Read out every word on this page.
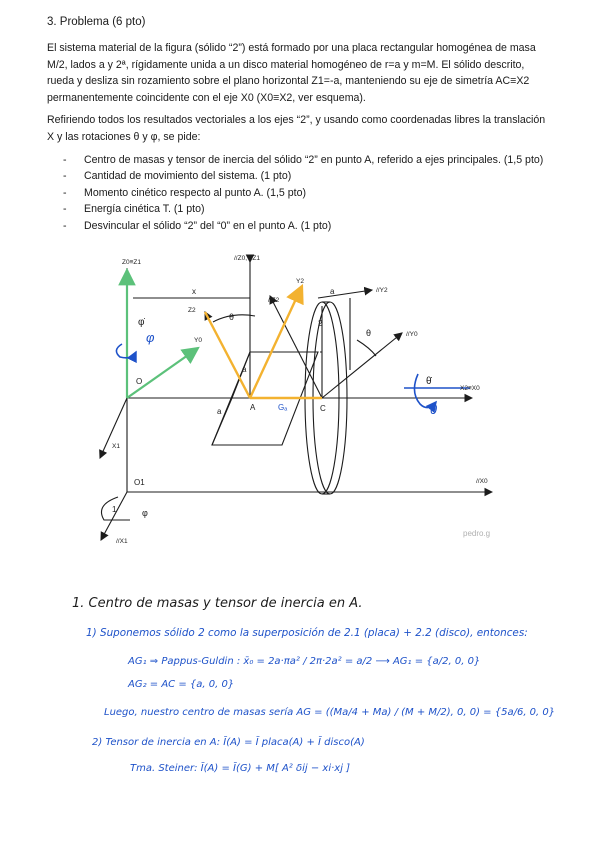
3. Problema (6 pto)

El sistema material de la figura (sólido “2”) está formado por una placa rectangular homogénea de masa M/2, lados a y 2ª, rígidamente unida a un disco material homogéneo de r=a y m=M. El sólido descrito, rueda y desliza sin rozamiento sobre el plano horizontal Z1=-a, manteniendo su eje de simetría AC≡X2 permanentemente coincidente con el eje X0 (X0≡X2, ver esquema).

Refiriendo todos los resultados vectoriales a los ejes “2”, y usando como coordenadas libres la translación X y las rotaciones θ y φ, se pide:

- Centro de masas y tensor de inercia del sólido “2” en punto A, referido a ejes principales. (1,5 pto)
- Cantidad de movimiento del sistema. (1 pto)
- Momento cinético respecto al punto A. (1,5 pto)
- Energía cinética T. (1 pto)
- Desvincular el sólido “2” del “0” en el punto A. (1 pto)
Z0≡Z1
//Z0, //Z1
x
Y2
a	//Y2
//Z2
Z2
θ
2
θ	//Y0
Y0
O
a
A	Gₐ	C
X2≡X0
a
X1
O1	//X0
1	φ
//X1
φ̇
φ
θ̇
θ
pedro.g
1. Centro de masas y tensor de inercia en A.
1) Suponemos sólido 2 como la superposición de 2.1 (placa) + 2.2 (disco), entonces:
AG₁ ⇒ Pappus-Guldin : x̄₀ = 2a·πa² / 2π·2a² = a/2 ⟶ AG₁ = {a/2, 0, 0}
AG₂ = AC = {a, 0, 0}
Luego, nuestro centro de masas sería AG = ((Ma/4 + Ma) / (M + M/2), 0, 0) = {5a/6, 0, 0}
2) Tensor de inercia en A: Ī(A) = Ī placa(A) + Ī disco(A)
Tma. Steiner: Ī(A) = Ī(G) + M[ A² δij − xi·xj ]
